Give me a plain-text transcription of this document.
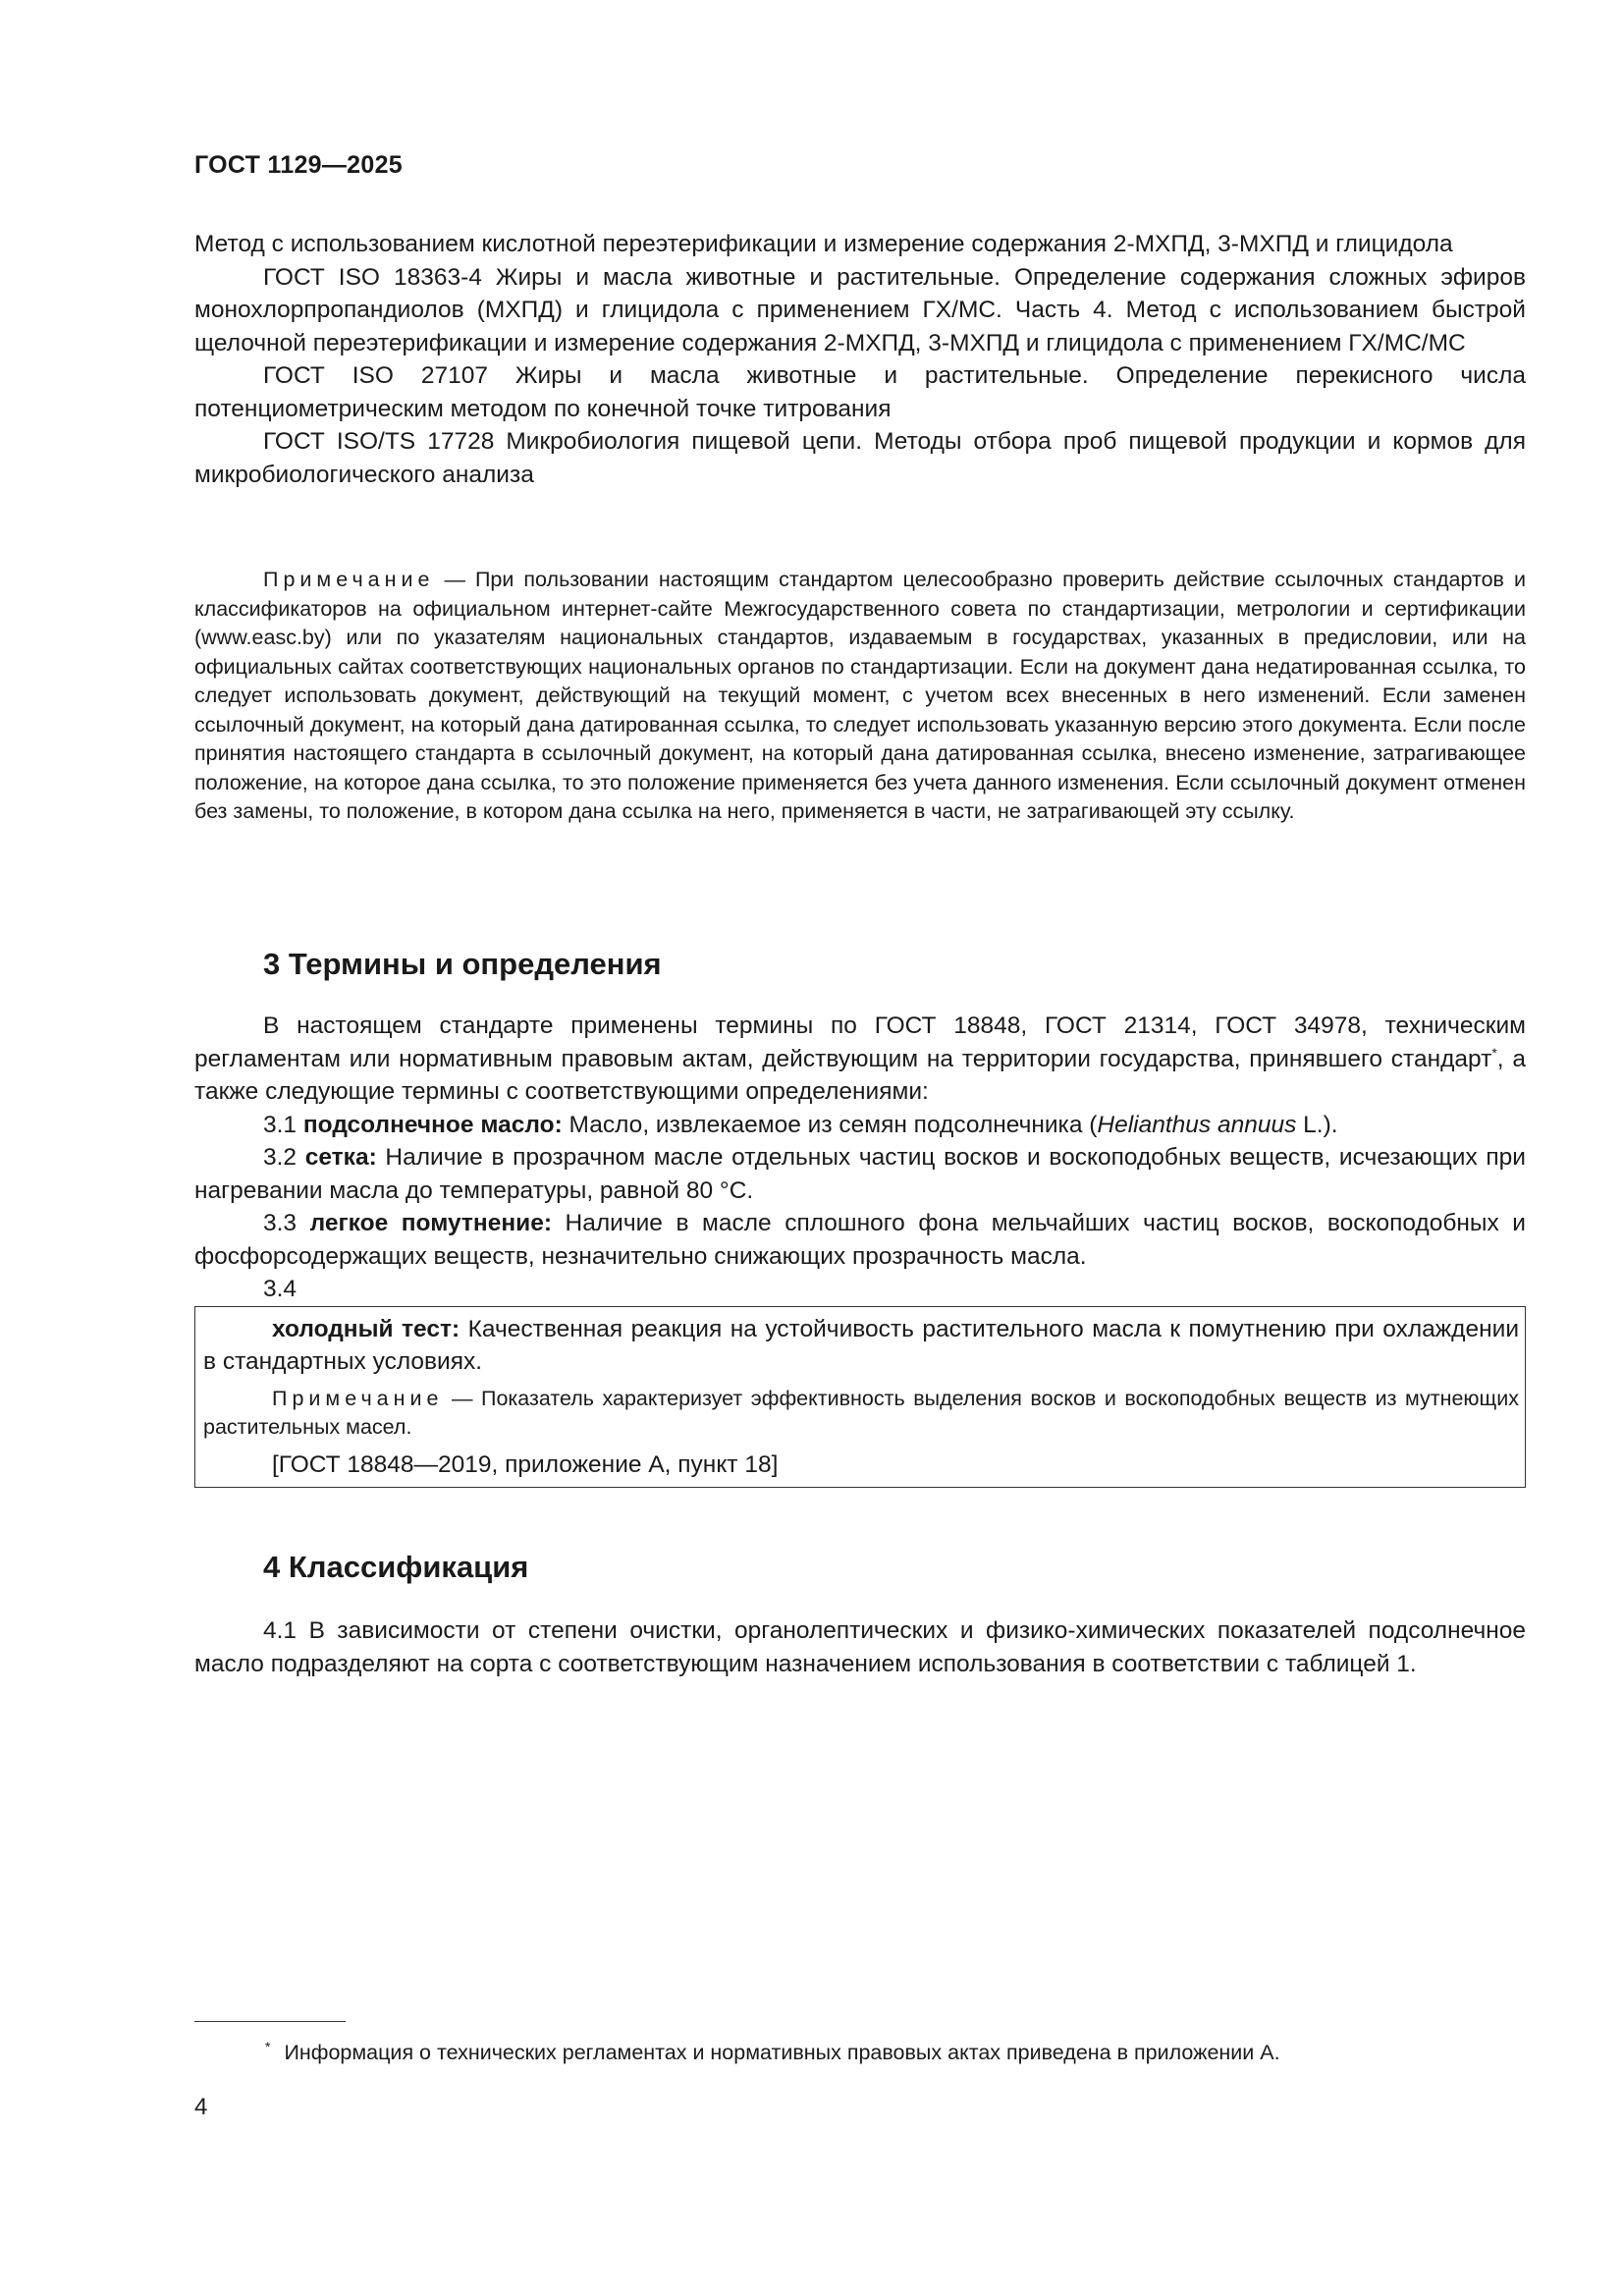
ГОСТ 1129—2025

Метод с использованием кислотной переэтерификации и измерение содержания 2-МХПД, 3-МХПД и глицидола

ГОСТ ISO 18363-4 Жиры и масла животные и растительные. Определение содержания сложных эфиров монохлорпропандиолов (МХПД) и глицидола с применением ГХ/МС. Часть 4. Метод с использованием быстрой щелочной переэтерификации и измерение содержания 2-МХПД, 3-МХПД и глицидола с применением ГХ/МС/МС

ГОСТ ISO 27107 Жиры и масла животные и растительные. Определение перекисного числа потенциометрическим методом по конечной точке титрования

ГОСТ ISO/TS 17728 Микробиология пищевой цепи. Методы отбора проб пищевой продукции и кормов для микробиологического анализа

Примечание — При пользовании настоящим стандартом целесообразно проверить действие ссылочных стандартов и классификаторов на официальном интернет-сайте Межгосударственного совета по стандартизации, метрологии и сертификации (www.easc.by) или по указателям национальных стандартов, издаваемым в государствах, указанных в предисловии, или на официальных сайтах соответствующих национальных органов по стандартизации. Если на документ дана недатированная ссылка, то следует использовать документ, действующий на текущий момент, с учетом всех внесенных в него изменений. Если заменен ссылочный документ, на который дана датированная ссылка, то следует использовать указанную версию этого документа. Если после принятия настоящего стандарта в ссылочный документ, на который дана датированная ссылка, внесено изменение, затрагивающее положение, на которое дана ссылка, то это положение применяется без учета данного изменения. Если ссылочный документ отменен без замены, то положение, в котором дана ссылка на него, применяется в части, не затрагивающей эту ссылку.

3 Термины и определения

В настоящем стандарте применены термины по ГОСТ 18848, ГОСТ 21314, ГОСТ 34978, техническим регламентам или нормативным правовым актам, действующим на территории государства, принявшего стандарт*, а также следующие термины с соответствующими определениями:

3.1 подсолнечное масло: Масло, извлекаемое из семян подсолнечника (Helianthus annuus L.).

3.2 сетка: Наличие в прозрачном масле отдельных частиц восков и воскоподобных веществ, исчезающих при нагревании масла до температуры, равной 80 °С.

3.3 легкое помутнение: Наличие в масле сплошного фона мельчайших частиц восков, воскоподобных и фосфорсодержащих веществ, незначительно снижающих прозрачность масла.

3.4

холодный тест: Качественная реакция на устойчивость растительного масла к помутнению при охлаждении в стандартных условиях.

Примечание — Показатель характеризует эффективность выделения восков и воскоподобных веществ из мутнеющих растительных масел.

[ГОСТ 18848—2019, приложение А, пункт 18]

4 Классификация

4.1 В зависимости от степени очистки, органолептических и физико-химических показателей подсолнечное масло подразделяют на сорта с соответствующим назначением использования в соответствии с таблицей 1.

* Информация о технических регламентах и нормативных правовых актах приведена в приложении А.
4
